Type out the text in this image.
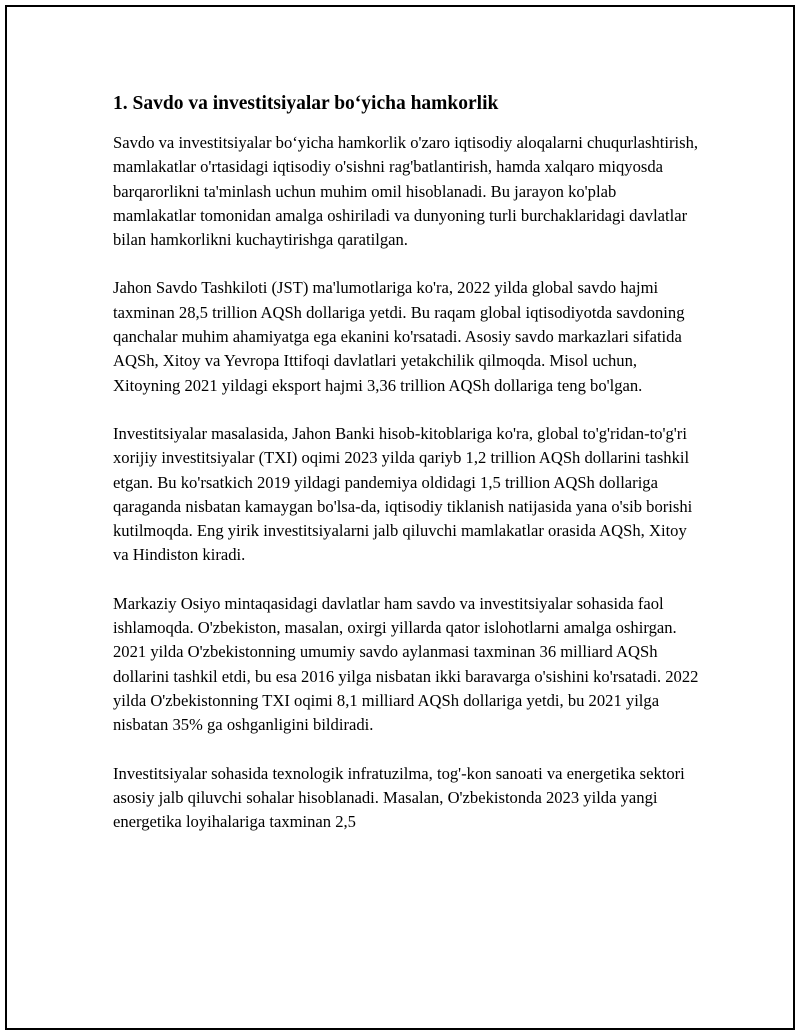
1. Savdo va investitsiyalar bo‘yicha hamkorlik

Savdo va investitsiyalar bo‘yicha hamkorlik o'zaro iqtisodiy aloqalarni chuqurlashtirish, mamlakatlar o'rtasidagi iqtisodiy o'sishni rag'batlantirish, hamda xalqaro miqyosda barqarorlikni ta'minlash uchun muhim omil hisoblanadi. Bu jarayon ko'plab mamlakatlar tomonidan amalga oshiriladi va dunyoning turli burchaklaridagi davlatlar bilan hamkorlikni kuchaytirishga qaratilgan.

Jahon Savdo Tashkiloti (JST) ma'lumotlariga ko'ra, 2022 yilda global savdo hajmi taxminan 28,5 trillion AQSh dollariga yetdi. Bu raqam global iqtisodiyotda savdoning qanchalar muhim ahamiyatga ega ekanini ko'rsatadi. Asosiy savdo markazlari sifatida AQSh, Xitoy va Yevropa Ittifoqi davlatlari yetakchilik qilmoqda. Misol uchun, Xitoyning 2021 yildagi eksport hajmi 3,36 trillion AQSh dollariga teng bo'lgan.

Investitsiyalar masalasida, Jahon Banki hisob-kitoblariga ko'ra, global to'g'ridan-to'g'ri xorijiy investitsiyalar (TXI) oqimi 2023 yilda qariyb 1,2 trillion AQSh dollarini tashkil etgan. Bu ko'rsatkich 2019 yildagi pandemiya oldidagi 1,5 trillion AQSh dollariga qaraganda nisbatan kamaygan bo'lsa-da, iqtisodiy tiklanish natijasida yana o'sib borishi kutilmoqda. Eng yirik investitsiyalarni jalb qiluvchi mamlakatlar orasida AQSh, Xitoy va Hindiston kiradi.

Markaziy Osiyo mintaqasidagi davlatlar ham savdo va investitsiyalar sohasida faol ishlamoqda. O'zbekiston, masalan, oxirgi yillarda qator islohotlarni amalga oshirgan. 2021 yilda O'zbekistonning umumiy savdo aylanmasi taxminan 36 milliard AQSh dollarini tashkil etdi, bu esa 2016 yilga nisbatan ikki baravarga o'sishini ko'rsatadi. 2022 yilda O'zbekistonning TXI oqimi 8,1 milliard AQSh dollariga yetdi, bu 2021 yilga nisbatan 35% ga oshganligini bildiradi.

Investitsiyalar sohasida texnologik infratuzilma, tog'-kon sanoati va energetika sektori asosiy jalb qiluvchi sohalar hisoblanadi. Masalan, O'zbekistonda 2023 yilda yangi energetika loyihalariga taxminan 2,5
